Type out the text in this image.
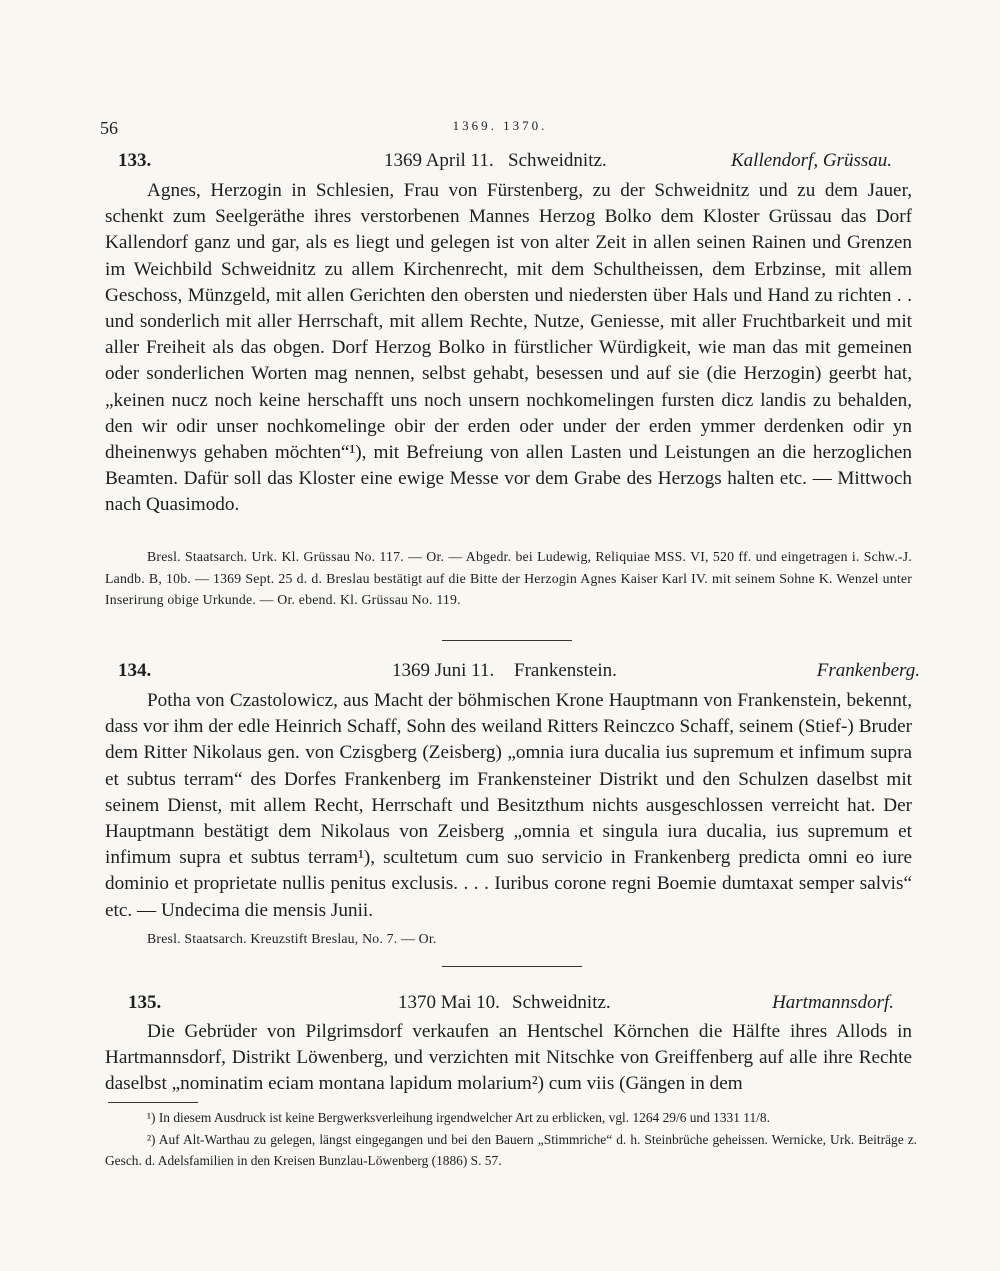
56	1369. 1370.
133.	1369 April 11. Schweidnitz.	Kallendorf, Grüssau.

Agnes, Herzogin in Schlesien, Frau von Fürstenberg, zu der Schweidnitz und zu dem Jauer, schenkt zum Seelgeräthe ihres verstorbenen Mannes Herzog Bolko dem Kloster Grüssau das Dorf Kallendorf ganz und gar, als es liegt und gelegen ist von alter Zeit in allen seinen Rainen und Grenzen im Weichbild Schweidnitz zu allem Kirchenrecht, mit dem Schultheissen, dem Erbzinse, mit allem Geschoss, Münzgeld, mit allen Gerichten den obersten und niedersten über Hals und Hand zu richten . . und sonderlich mit aller Herrschaft, mit allem Rechte, Nutze, Geniesse, mit aller Fruchtbarkeit und mit aller Freiheit als das obgen. Dorf Herzog Bolko in fürstlicher Würdigkeit, wie man das mit gemeinen oder sonderlichen Worten mag nennen, selbst gehabt, besessen und auf sie (die Herzogin) geerbt hat, „keinen nucz noch keine herschafft uns noch unsern nochkomelingen fursten dicz landis zu behalden, den wir odir unser nochkomelinge obir der erden oder under der erden ymmer derdenken odir yn dheinenwys gehaben möchten“¹), mit Befreiung von allen Lasten und Leistungen an die herzoglichen Beamten. Dafür soll das Kloster eine ewige Messe vor dem Grabe des Herzogs halten etc. — Mittwoch nach Quasimodo.

Bresl. Staatsarch. Urk. Kl. Grüssau No. 117. — Or. — Abgedr. bei Ludewig, Reliquiae MSS. VI, 520 ff. und eingetragen i. Schw.-J. Landb. B, 10b. — 1369 Sept. 25 d. d. Breslau bestätigt auf die Bitte der Herzogin Agnes Kaiser Karl IV. mit seinem Sohne K. Wenzel unter Inserirung obige Urkunde. — Or. ebend. Kl. Grüssau No. 119.

134.	1369 Juni 11. Frankenstein.	Frankenberg.

Potha von Czastolowicz, aus Macht der böhmischen Krone Hauptmann von Frankenstein, bekennt, dass vor ihm der edle Heinrich Schaff, Sohn des weiland Ritters Reinczco Schaff, seinem (Stief-) Bruder dem Ritter Nikolaus gen. von Czisgberg (Zeisberg) „omnia iura ducalia ius supremum et infimum supra et subtus terram“ des Dorfes Frankenberg im Frankensteiner Distrikt und den Schulzen daselbst mit seinem Dienst, mit allem Recht, Herrschaft und Besitzthum nichts ausgeschlossen verreicht hat. Der Hauptmann bestätigt dem Nikolaus von Zeisberg „omnia et singula iura ducalia, ius supremum et infimum supra et subtus terram¹), scultetum cum suo servicio in Frankenberg predicta omni eo iure dominio et proprietate nullis penitus exclusis. . . . Iuribus corone regni Boemie dumtaxat semper salvis“ etc. — Undecima die mensis Junii.

Bresl. Staatsarch. Kreuzstift Breslau, No. 7. — Or.

135.	1370 Mai 10. Schweidnitz.	Hartmannsdorf.

Die Gebrüder von Pilgrimsdorf verkaufen an Hentschel Körnchen die Hälfte ihres Allods in Hartmannsdorf, Distrikt Löwenberg, und verzichten mit Nitschke von Greiffenberg auf alle ihre Rechte daselbst „nominatim eciam montana lapidum molarium²) cum viis (Gängen in dem

¹) In diesem Ausdruck ist keine Bergwerksverleihung irgendwelcher Art zu erblicken, vgl. 1264 29/6 und 1331 11/8.

²) Auf Alt-Warthau zu gelegen, längst eingegangen und bei den Bauern „Stimmriche“ d. h. Steinbrüche geheissen. Wernicke, Urk. Beiträge z. Gesch. d. Adelsfamilien in den Kreisen Bunzlau-Löwenberg (1886) S. 57.
